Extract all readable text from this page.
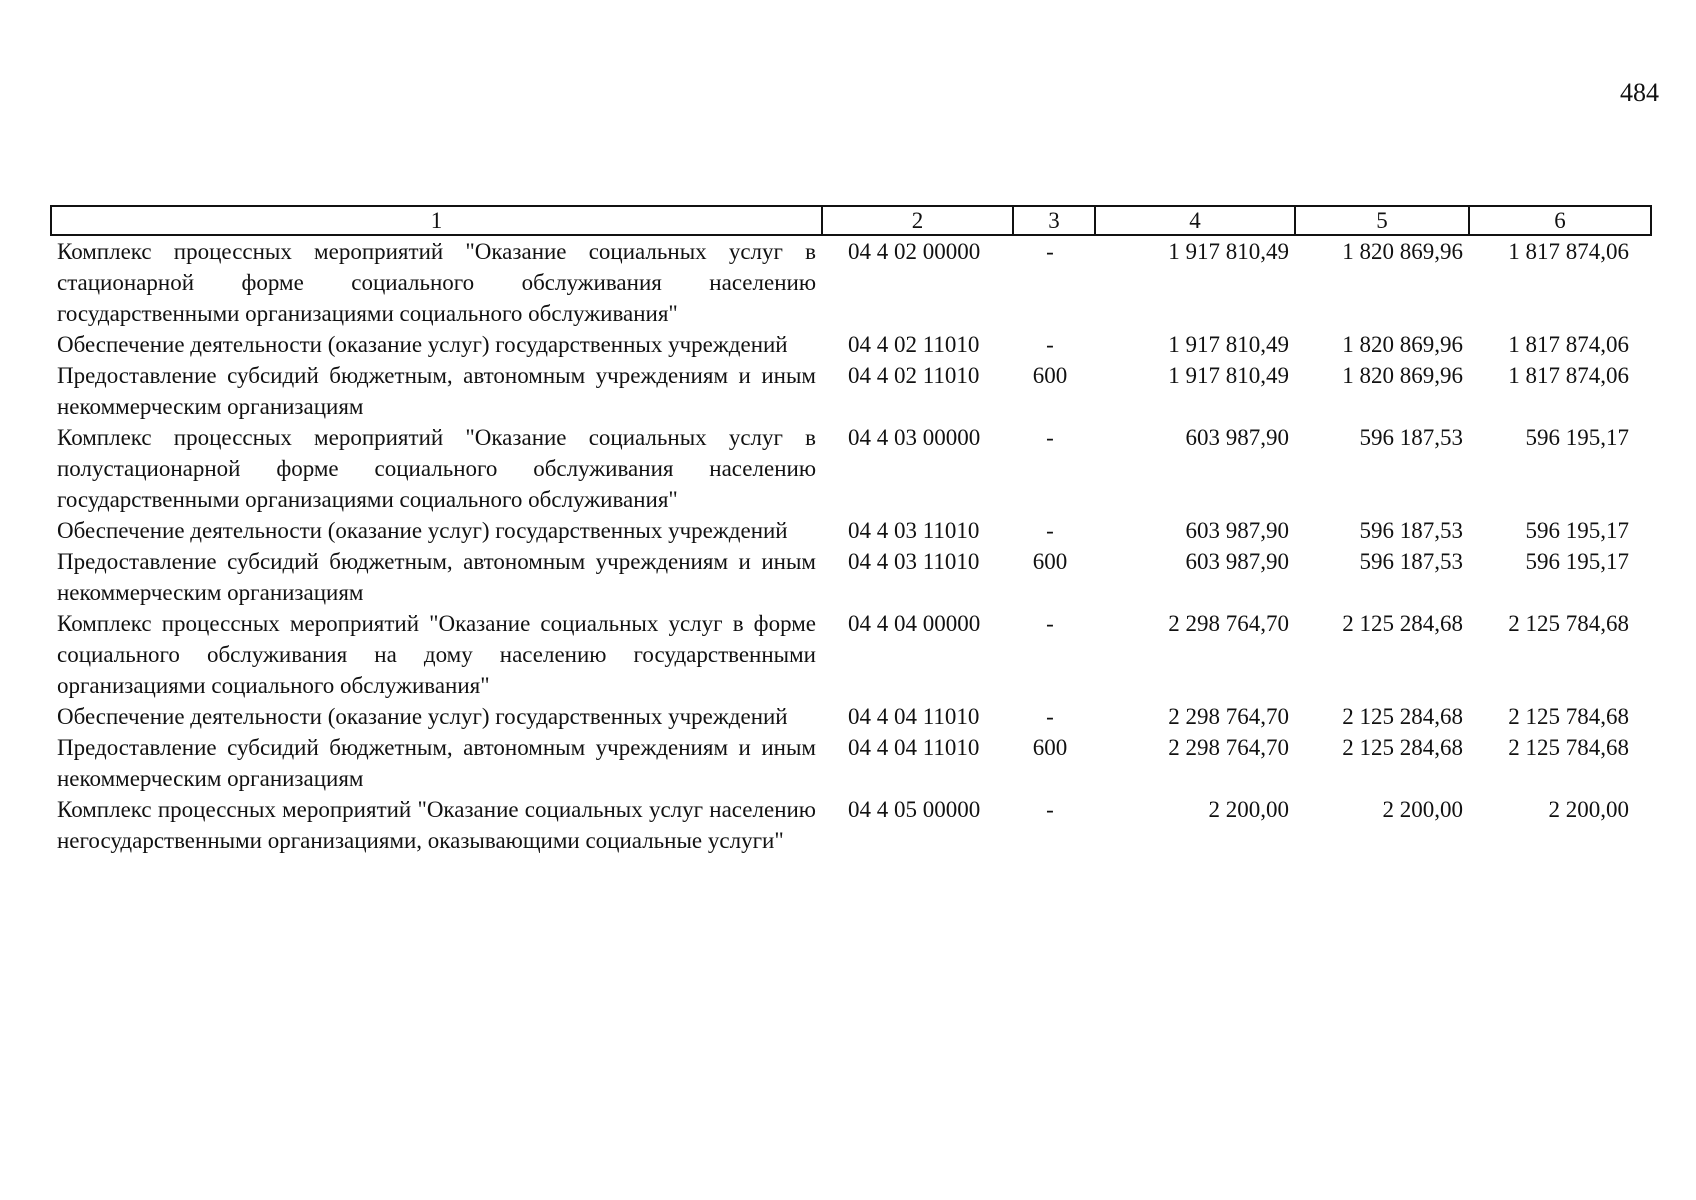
484
1	2	3	4	5	6
Комплекс процессных мероприятий "Оказание социальных услуг в стационарной форме социального обслуживания населению государственными организациями социального обслуживания"	04 4 02 00000	-	1 917 810,49	1 820 869,96	1 817 874,06
Обеспечение деятельности (оказание услуг) государственных учреждений	04 4 02 11010	-	1 917 810,49	1 820 869,96	1 817 874,06
Предоставление субсидий бюджетным, автономным учреждениям и иным некоммерческим организациям	04 4 02 11010	600	1 917 810,49	1 820 869,96	1 817 874,06
Комплекс процессных мероприятий "Оказание социальных услуг в полустационарной форме социального обслуживания населению государственными организациями социального обслуживания"	04 4 03 00000	-	603 987,90	596 187,53	596 195,17
Обеспечение деятельности (оказание услуг) государственных учреждений	04 4 03 11010	-	603 987,90	596 187,53	596 195,17
Предоставление субсидий бюджетным, автономным учреждениям и иным некоммерческим организациям	04 4 03 11010	600	603 987,90	596 187,53	596 195,17
Комплекс процессных мероприятий "Оказание социальных услуг в форме социального обслуживания на дому населению государственными организациями социального обслуживания"	04 4 04 00000	-	2 298 764,70	2 125 284,68	2 125 784,68
Обеспечение деятельности (оказание услуг) государственных учреждений	04 4 04 11010	-	2 298 764,70	2 125 284,68	2 125 784,68
Предоставление субсидий бюджетным, автономным учреждениям и иным некоммерческим организациям	04 4 04 11010	600	2 298 764,70	2 125 284,68	2 125 784,68
Комплекс процессных мероприятий "Оказание социальных услуг населению негосударственными организациями, оказывающими социальные услуги"	04 4 05 00000	-	2 200,00	2 200,00	2 200,00
